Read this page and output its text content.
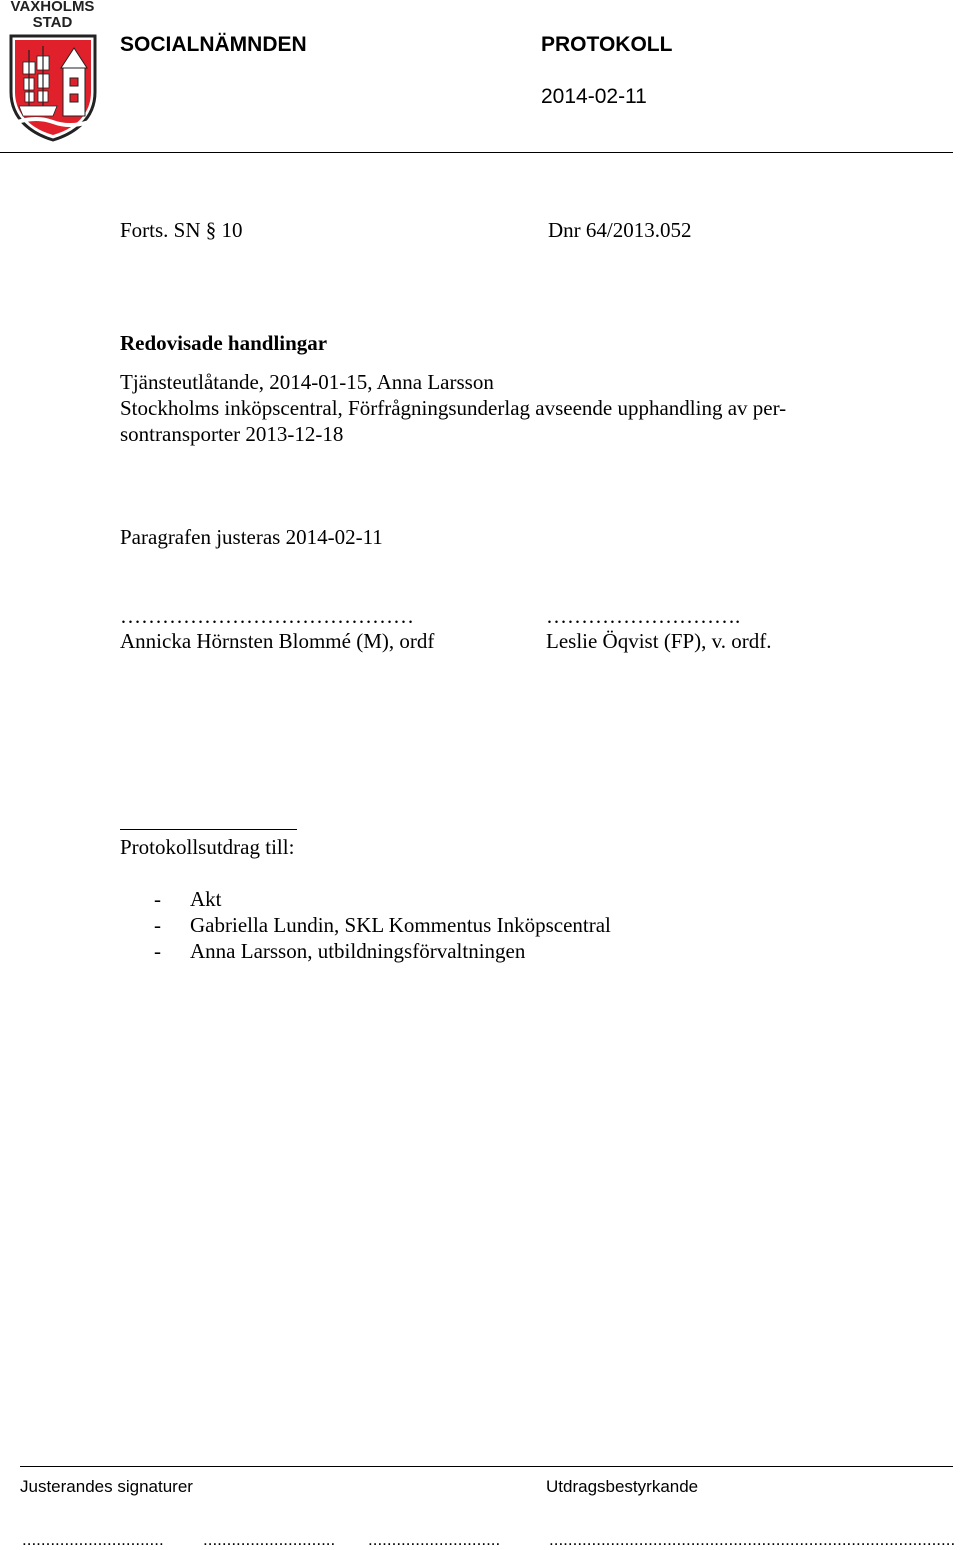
VAXHOLMS
STAD
SOCIALNÄMNDEN	PROTOKOLL
2014-02-11
Forts. SN § 10	Dnr 64/2013.052
Redovisade handlingar
Tjänsteutlåtande, 2014-01-15, Anna Larsson
Stockholms inköpscentral, Förfrågningsunderlag avseende upphandling av per-
sontransporter 2013-12-18
Paragrafen justeras 2014-02-11
……………………………………
Annicka Hörnsten Blommé (M), ordf
……………………….
Leslie Öqvist (FP), v. ordf.
Protokollsutdrag till:
- Akt
- Gabriella Lundin, SKL Kommentus Inköpscentral
- Anna Larsson, utbildningsförvaltningen
Justerandes signaturer	Utdragsbestyrkande
.............................. ............................ ............................	......................................................................................
